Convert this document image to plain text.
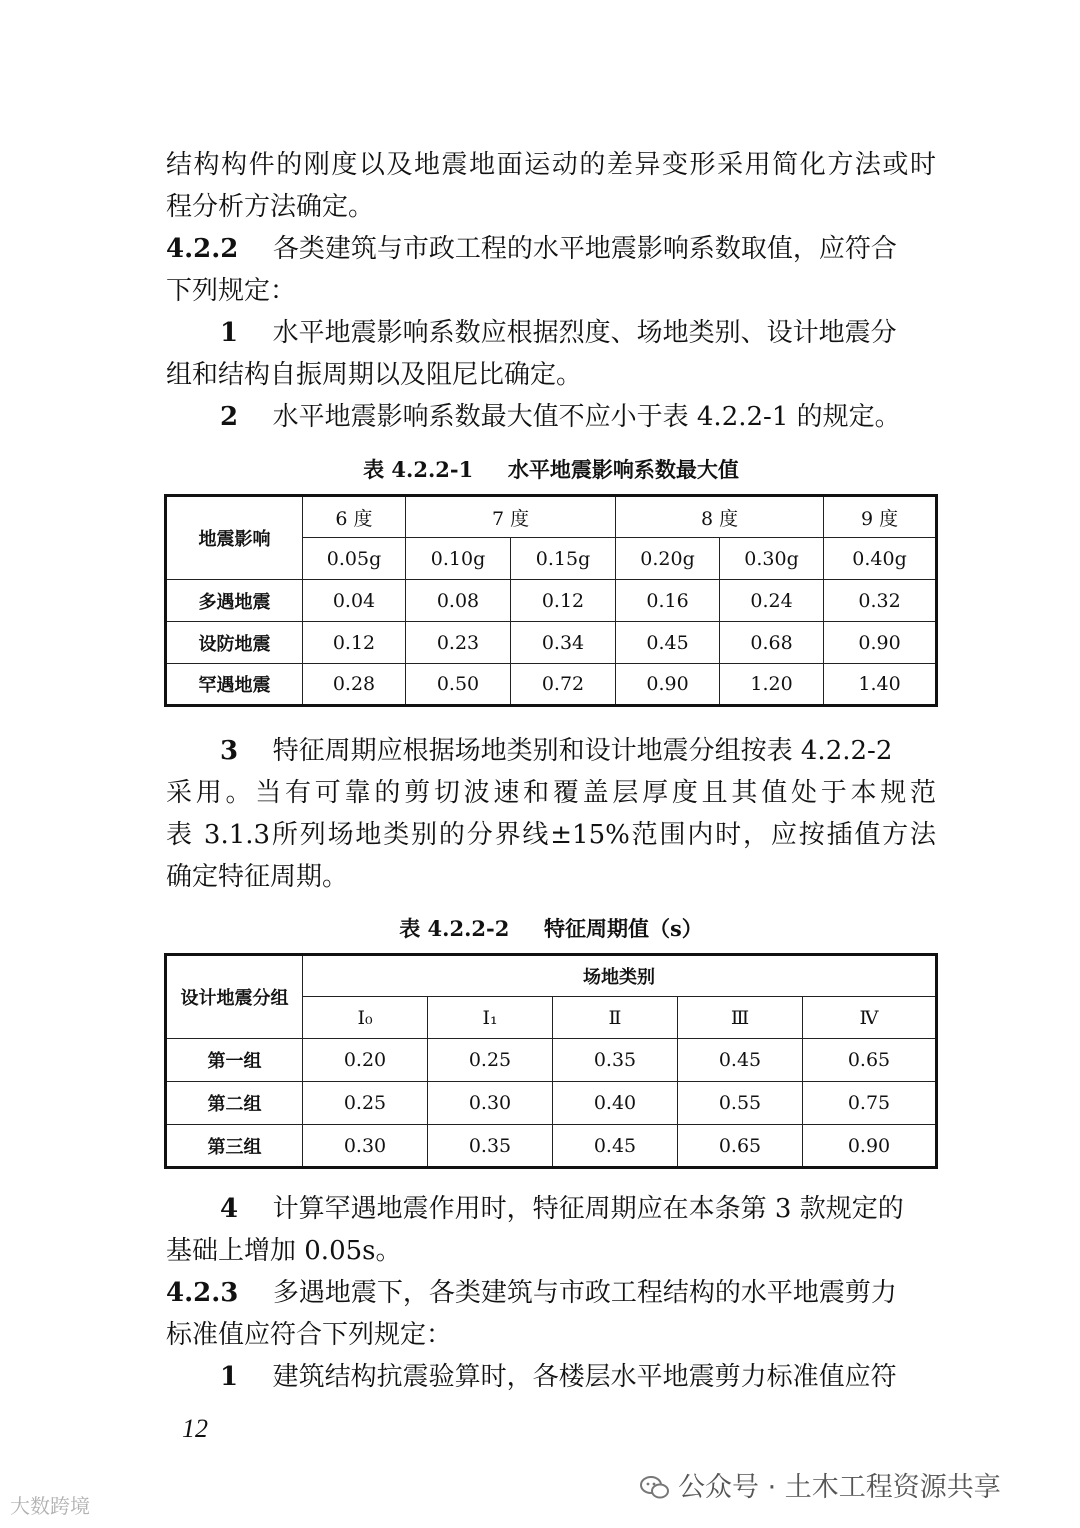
结构构件的刚度以及地震地面运动的差异变形采用简化方法或时
程分析方法确定。
4.2.2 各类建筑与市政工程的水平地震影响系数取值，应符合
下列规定：
1 水平地震影响系数应根据烈度、场地类别、设计地震分
组和结构自振周期以及阻尼比确定。
2 水平地震影响系数最大值不应小于表 4.2.2-1 的规定。
表 4.2.2-1 水平地震影响系数最大值
地震影响	6 度	7 度		8 度		9 度
	0.05g	0.10g	0.15g	0.20g	0.30g	0.40g
多遇地震	0.04	0.08	0.12	0.16	0.24	0.32
设防地震	0.12	0.23	0.34	0.45	0.68	0.90
罕遇地震	0.28	0.50	0.72	0.90	1.20	1.40
3 特征周期应根据场地类别和设计地震分组按表 4.2.2-2
采用。当有可靠的剪切波速和覆盖层厚度且其值处于本规范
表 3.1.3所列场地类别的分界线±15%范围内时，应按插值方法
确定特征周期。
表 4.2.2-2 特征周期值（s）
设计地震分组	场地类别				
	I₀	I₁	Ⅱ	Ⅲ	Ⅳ
第一组	0.20	0.25	0.35	0.45	0.65
第二组	0.25	0.30	0.40	0.55	0.75
第三组	0.30	0.35	0.45	0.65	0.90
4 计算罕遇地震作用时，特征周期应在本条第 3 款规定的
基础上增加 0.05s。
4.2.3 多遇地震下，各类建筑与市政工程结构的水平地震剪力
标准值应符合下列规定：
1 建筑结构抗震验算时，各楼层水平地震剪力标准值应符
12
公众号 · 土木工程资源共享
大数跨境
